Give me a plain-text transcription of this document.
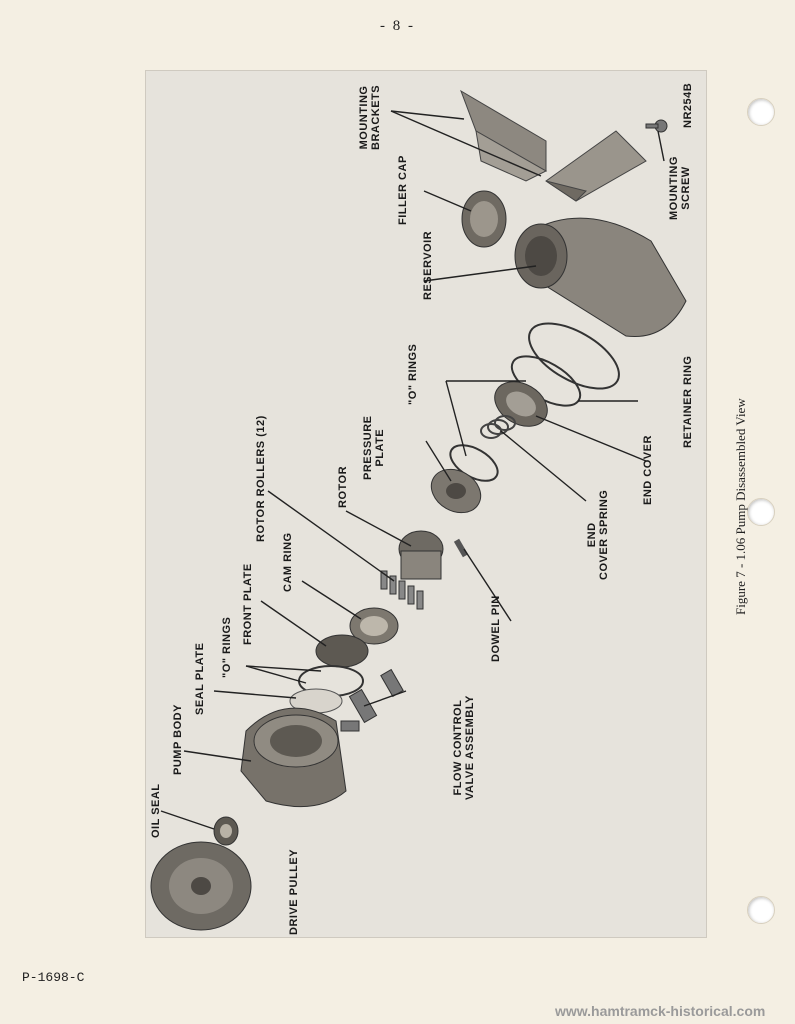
- 8 -
MOUNTING BRACKETS
MOUNTING SCREW
NR254B
FILLER CAP
RESERVOIR
RETAINER RING
"O" RINGS
END COVER
END COVER SPRING
PRESSURE PLATE
ROTOR
ROTOR ROLLERS (12)
DOWEL PIN
CAM RING
FRONT PLATE
"O" RINGS
SEAL PLATE
PUMP BODY	FLOW CONTROL VALVE ASSEMBLY
OIL SEAL
DRIVE PULLEY
Figure 7 - 1.06 Pump Disassembled View
P-1698-C
www.hamtramck-historical.com
